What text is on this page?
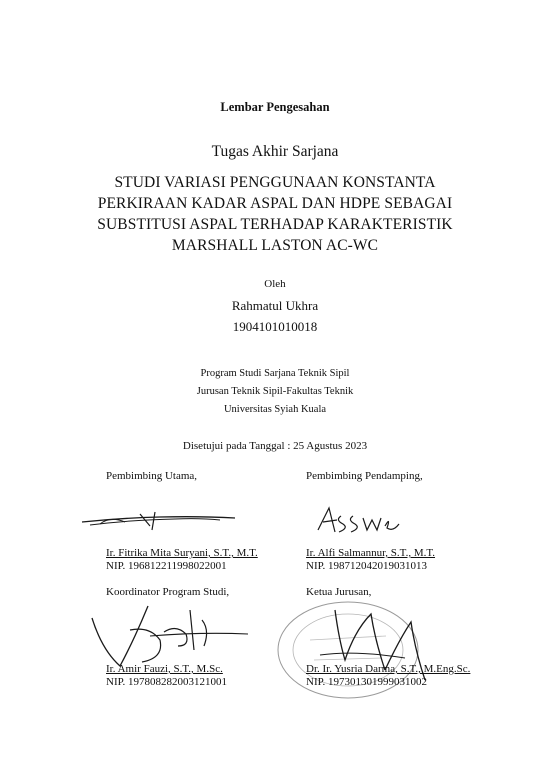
Lembar Pengesahan
Tugas Akhir Sarjana
STUDI VARIASI PENGGUNAAN KONSTANTA
PERKIRAAN KADAR ASPAL DAN HDPE SEBAGAI
SUBSTITUSI ASPAL TERHADAP KARAKTERISTIK
MARSHALL LASTON AC-WC
Oleh
Rahmatul Ukhra
1904101010018
Program Studi Sarjana Teknik Sipil
Jurusan Teknik Sipil-Fakultas Teknik
Universitas Syiah Kuala
Disetujui pada Tanggal : 25 Agustus 2023
Pembimbing Utama,
Ir. Fitrika Mita Suryani, S.T., M.T.
NIP. 196812211998022001
Pembimbing Pendamping,
Ir. Alfi Salmannur, S.T., M.T.
NIP. 198712042019031013
Koordinator Program Studi,
Ir. Amir Fauzi, S.T., M.Sc.
NIP. 197808282003121001
Ketua Jurusan,
Dr. Ir. Yusria Darma, S.T., M.Eng.Sc.
NIP. 197301301999031002
